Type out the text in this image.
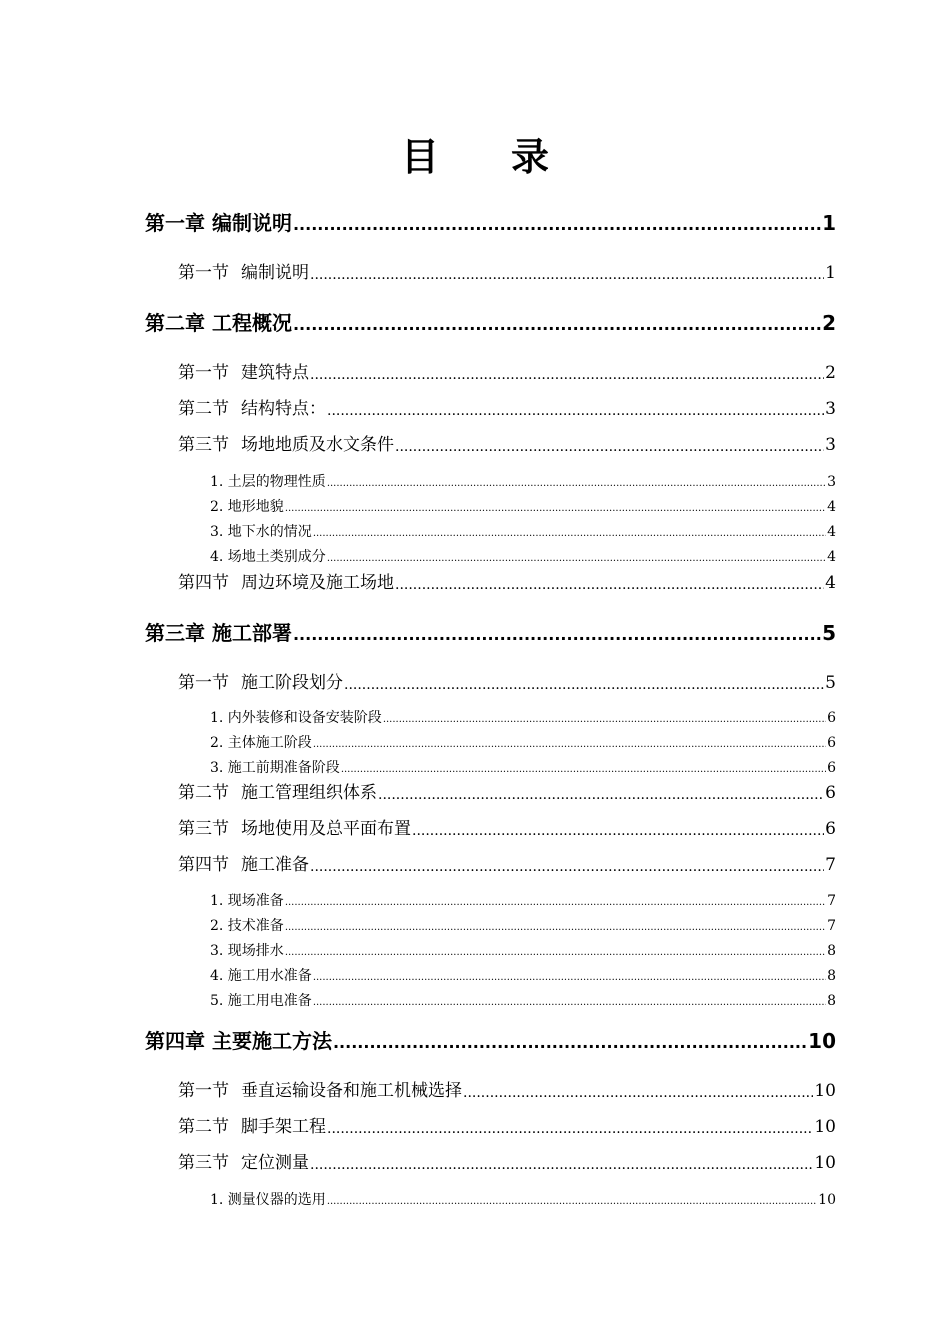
目 录
第一章 编制说明 .....	1
第一节 编制说明 .....	1
第二章 工程概况 .....	2
第一节 建筑特点 .....	2
第二节 结构特点： .....	3
第三节 场地地质及水文条件 .....	3
1. 土层的物理性质 .....	3
2. 地形地貌 .....	4
3. 地下水的情况 .....	4
4. 场地土类别成分 .....	4
第四节 周边环境及施工场地 .....	4
第三章 施工部署 .....	5
第一节 施工阶段划分 .....	5
1. 内外装修和设备安装阶段 .....	6
2. 主体施工阶段 .....	6
3. 施工前期准备阶段 .....	6
第二节 施工管理组织体系 .....	6
第三节 场地使用及总平面布置 .....	6
第四节 施工准备 .....	7
1. 现场准备 .....	7
2. 技术准备 .....	7
3. 现场排水 .....	8
4. 施工用水准备 .....	8
5. 施工用电准备 .....	8
第四章 主要施工方法 .....	10
第一节 垂直运输设备和施工机械选择 .....	10
第二节 脚手架工程 .....	10
第三节 定位测量 .....	10
1. 测量仪器的选用 .....	10
